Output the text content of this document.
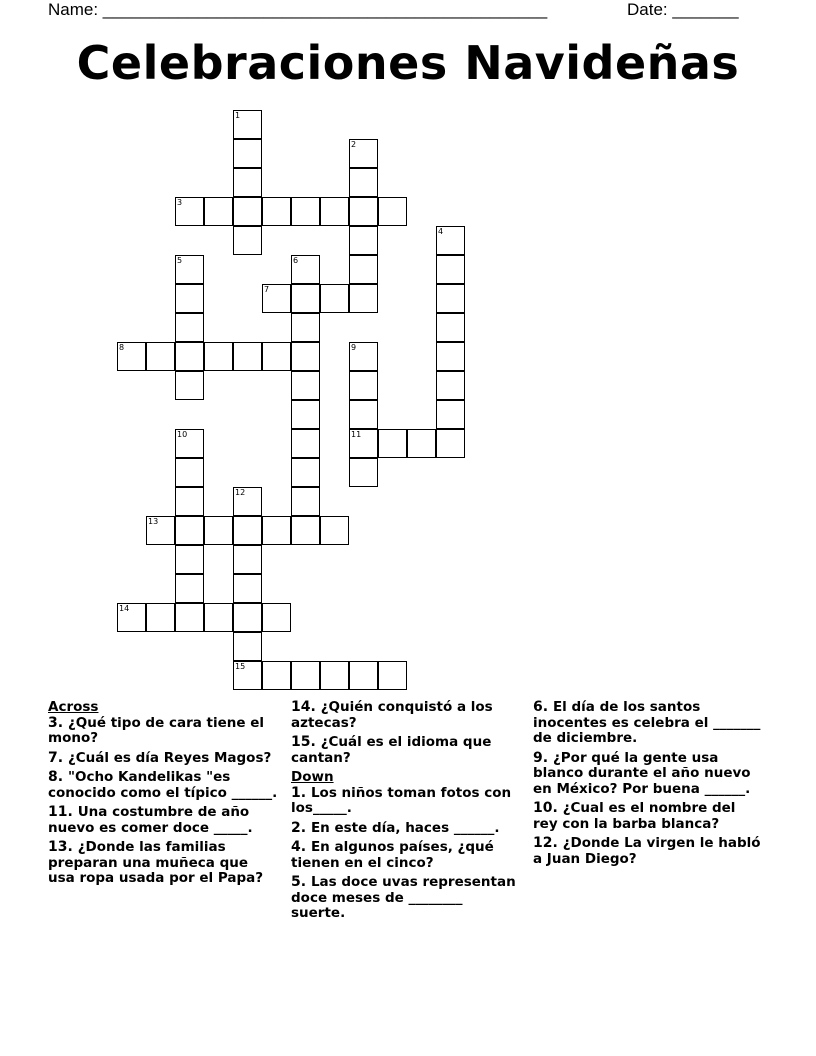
Name: _______________________________________________	Date: _______
Celebraciones Navideñas
1
2
3
4
5	6
7
8	9
11
10
12
13
14
15
Across
3. ¿Qué tipo de cara tiene el mono?
7. ¿Cuál es día Reyes Magos?
8. "Ocho Kandelikas "es conocido como el típico ______.
11. Una costumbre de año nuevo es comer doce _____.
13. ¿Donde las familias preparan una muñeca que usa ropa usada por el Papa?
14. ¿Quién conquistó a los aztecas?
15. ¿Cuál es el idioma que cantan?
Down
1. Los niños toman fotos con los_____.
2. En este día, haces ______.
4. En algunos países, ¿qué tienen en el cinco?
5. Las doce uvas representan doce meses de ________ suerte.
6. El día de los santos inocentes es celebra el _______ de diciembre.
9. ¿Por qué la gente usa blanco durante el año nuevo en México? Por buena ______.
10. ¿Cual es el nombre del rey con la barba blanca?
12. ¿Donde La virgen le habló a Juan Diego?
